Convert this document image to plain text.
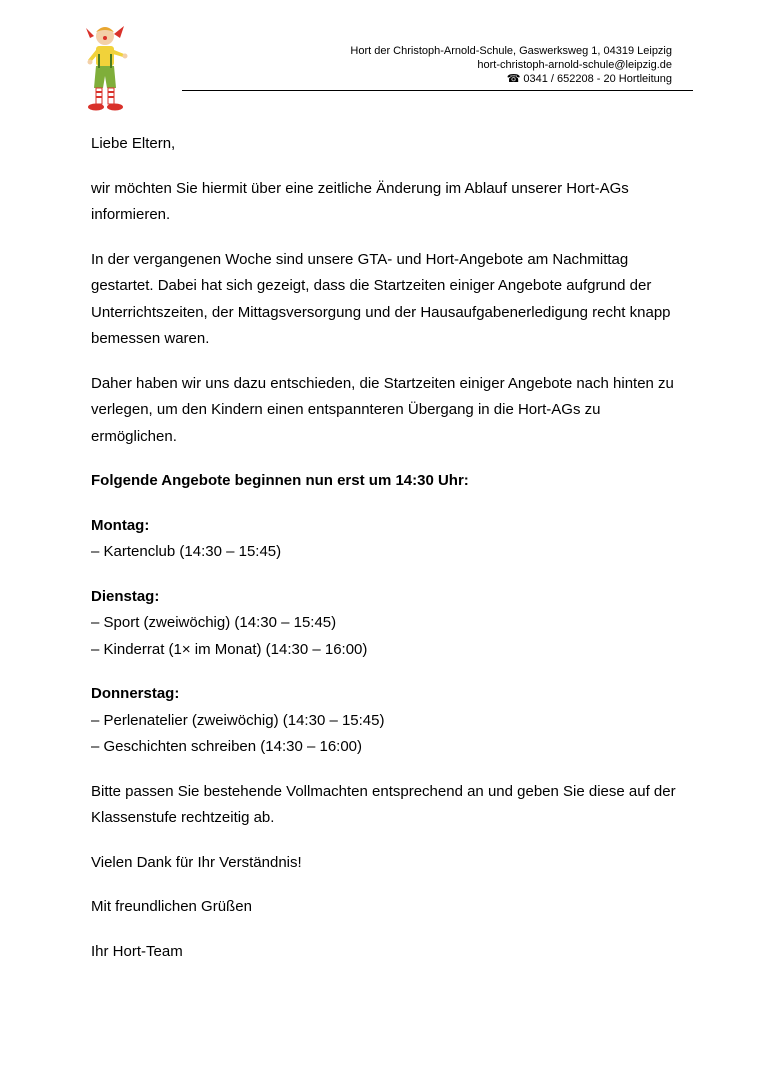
Hort der Christoph-Arnold-Schule, Gaswerksweg 1, 04319 Leipzig
hort-christoph-arnold-schule@leipzig.de
☎ 0341 / 652208 - 20 Hortleitung

Liebe Eltern,

wir möchten Sie hiermit über eine zeitliche Änderung im Ablauf unserer Hort-AGs informieren.

In der vergangenen Woche sind unsere GTA- und Hort-Angebote am Nachmittag gestartet. Dabei hat sich gezeigt, dass die Startzeiten einiger Angebote aufgrund der Unterrichtszeiten, der Mittagsversorgung und der Hausaufgabenerledigung recht knapp bemessen waren.

Daher haben wir uns dazu entschieden, die Startzeiten einiger Angebote nach hinten zu verlegen, um den Kindern einen entspannteren Übergang in die Hort-AGs zu ermöglichen.

Folgende Angebote beginnen nun erst um 14:30 Uhr:

Montag:
– Kartenclub (14:30 – 15:45)
Dienstag:
– Sport (zweiwöchig) (14:30 – 15:45)
– Kinderrat (1× im Monat) (14:30 – 16:00)
Donnerstag:
– Perlenatelier (zweiwöchig) (14:30 – 15:45)
– Geschichten schreiben (14:30 – 16:00)

Bitte passen Sie bestehende Vollmachten entsprechend an und geben Sie diese auf der Klassenstufe rechtzeitig ab.

Vielen Dank für Ihr Verständnis!

Mit freundlichen Grüßen

Ihr Hort-Team
